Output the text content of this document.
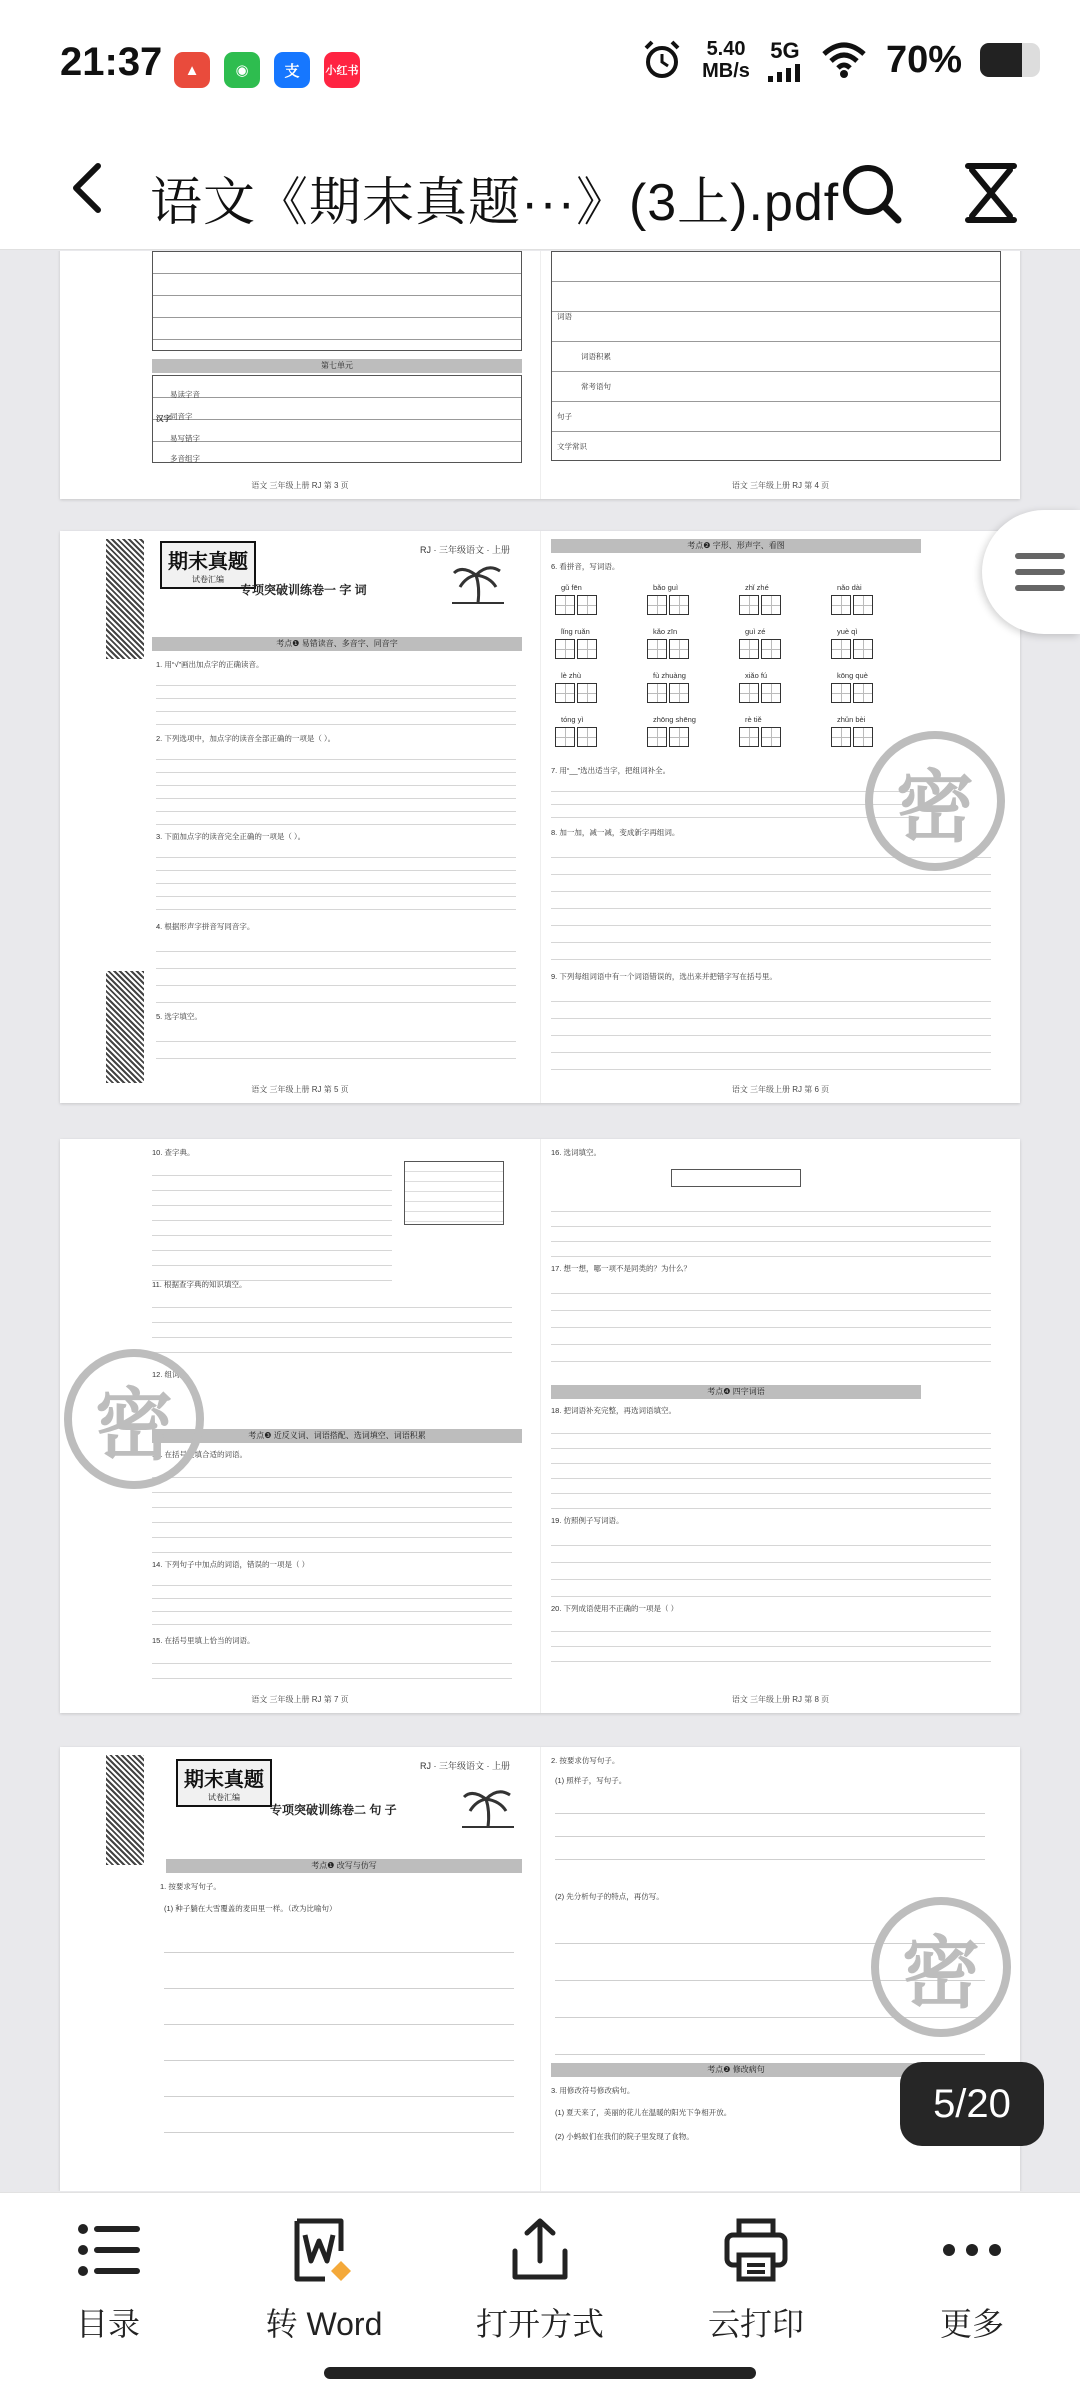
21:37	▲	◉	支	小红书
5.40
MB/s
5G 70%
语文《期末真题···》(3上).pdf
第七单元
易读字音
同音字
易写错字
汉字
多音组字
语文 三年级上册 RJ 第 3 页
词语
词语积累
常考语句
句子
文学常识
语文 三年级上册 RJ 第 4 页
期末真题
试卷汇编
RJ · 三年级语文 · 上册
专项突破训练卷一 字 词
考点❶ 易错读音、多音字、同音字
1. 用“√”画出加点字的正确读音。
2. 下列选项中，加点字的读音全部正确的一项是（ ）。
3. 下面加点字的读音完全正确的一项是（ ）。
4. 根据形声字拼音写同音字。
5. 选字填空。
语文 三年级上册 RJ 第 5 页
考点❷ 字形、形声字、看图
6. 看拼音，写词语。
gǔ fēn	bǎo guì	zhǐ zhé	nǎo dài
lǐng ruǎn	kǎo zīn	guì zé	yuè qì
lè zhù	fù zhuàng	xiǎo fú	kōng què
tóng yì	zhōng shēng	rè tiě	zhǔn bèi
7. 用“__”选出适当字，把组词补全。
8. 加一加，减一减，变成新字再组词。
9. 下列每组词语中有一个词语错误的，选出来并把错字写在括号里。
密
语文 三年级上册 RJ 第 6 页
10. 查字典。
11. 根据查字典的知识填空。
12. 组词。
考点❸ 近反义词、词语搭配、选词填空、词语积累
13. 在括号里填合适的词语。
14. 下列句子中加点的词语，错误的一项是（ ）
15. 在括号里填上恰当的词语。
密
语文 三年级上册 RJ 第 7 页
16. 选词填空。
17. 想一想，哪一项不是同类的？为什么？
考点❹ 四字词语
18. 把词语补充完整，再选词语填空。
19. 仿照例子写词语。
20. 下列成语使用不正确的一项是（ ）
语文 三年级上册 RJ 第 8 页
期末真题
试卷汇编
RJ · 三年级语文 · 上册
专项突破训练卷二 句 子
考点❶ 改写与仿写
1. 按要求写句子。
(1) 种子躺在大雪覆盖的麦田里一样。（改为比喻句）
2. 按要求仿写句子。
(1) 照样子，写句子。
(2) 先分析句子的特点，再仿写。
考点❷ 修改病句
3. 用修改符号修改病句。
(1) 夏天来了，美丽的花儿在温暖的阳光下争相开放。
(2) 小蚂蚁们在我们的院子里发现了食物。
密
5/20
目录	转 Word	打开方式	云打印	更多
